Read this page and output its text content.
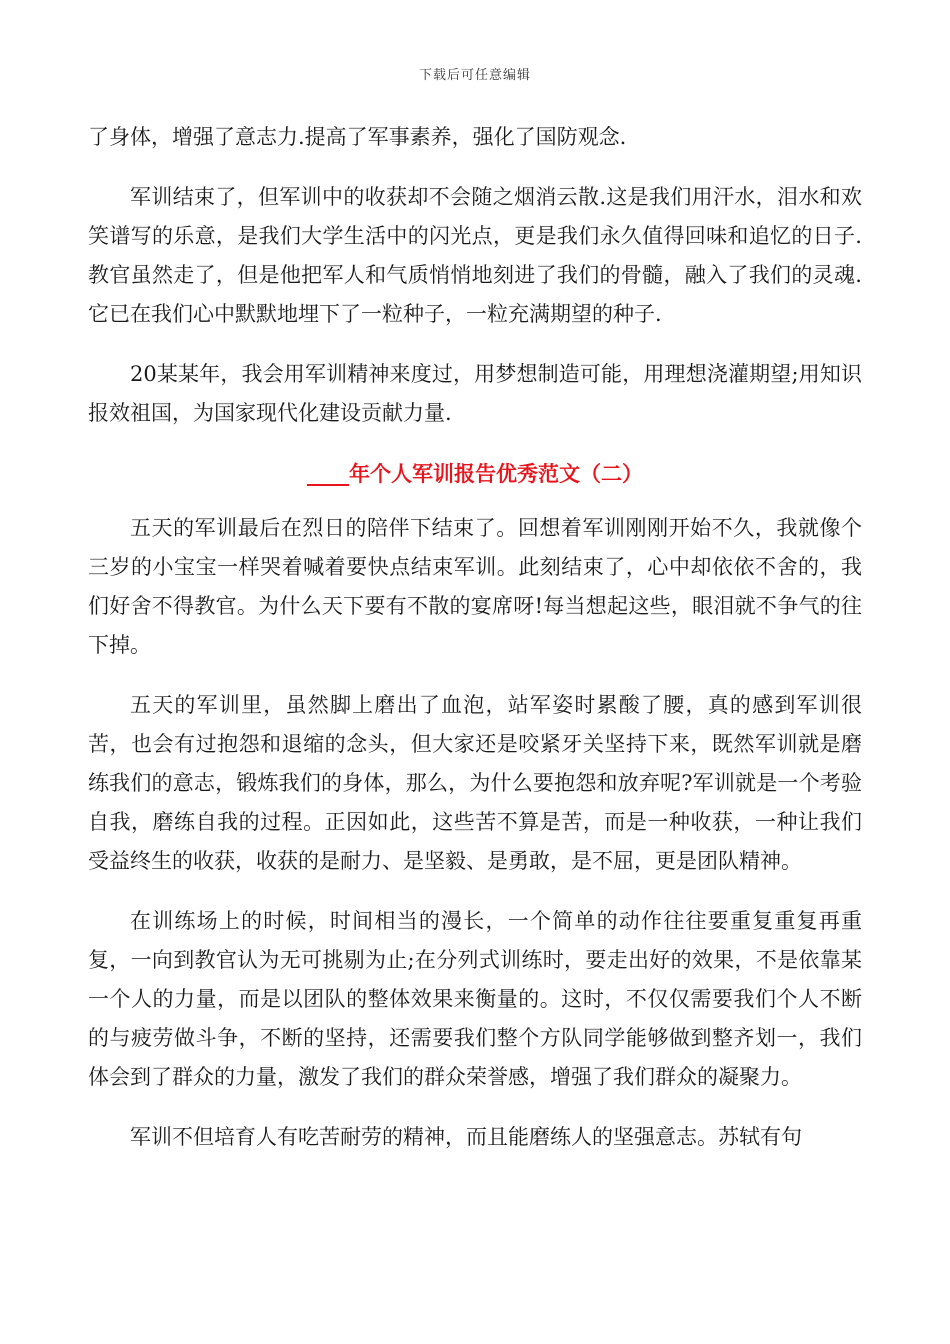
下载后可任意编辑

了身体，增强了意志力.提高了军事素养，强化了国防观念.

军训结束了，但军训中的收获却不会随之烟消云散.这是我们用汗水，泪水和欢笑谱写的乐意，是我们大学生活中的闪光点，更是我们永久值得回味和追忆的日子.教官虽然走了，但是他把军人和气质悄悄地刻进了我们的骨髓，融入了我们的灵魂.它已在我们心中默默地埋下了一粒种子，一粒充满期望的种子.

20某某年，我会用军训精神来度过，用梦想制造可能，用理想浇灌期望;用知识报效祖国，为国家现代化建设贡献力量.

____年个人军训报告优秀范文（二）

五天的军训最后在烈日的陪伴下结束了。回想着军训刚刚开始不久，我就像个三岁的小宝宝一样哭着喊着要快点结束军训。此刻结束了，心中却依依不舍的，我们好舍不得教官。为什么天下要有不散的宴席呀!每当想起这些，眼泪就不争气的往下掉。

五天的军训里，虽然脚上磨出了血泡，站军姿时累酸了腰，真的感到军训很苦，也会有过抱怨和退缩的念头，但大家还是咬紧牙关坚持下来，既然军训就是磨练我们的意志，锻炼我们的身体，那么，为什么要抱怨和放弃呢?军训就是一个考验自我，磨练自我的过程。正因如此，这些苦不算是苦，而是一种收获，一种让我们受益终生的收获，收获的是耐力、是坚毅、是勇敢，是不屈，更是团队精神。

在训练场上的时候，时间相当的漫长，一个简单的动作往往要重复重复再重复，一向到教官认为无可挑剔为止;在分列式训练时，要走出好的效果，不是依靠某一个人的力量，而是以团队的整体效果来衡量的。这时，不仅仅需要我们个人不断的与疲劳做斗争，不断的坚持，还需要我们整个方队同学能够做到整齐划一，我们体会到了群众的力量，激发了我们的群众荣誉感，增强了我们群众的凝聚力。

军训不但培育人有吃苦耐劳的精神，而且能磨练人的坚强意志。苏轼有句
